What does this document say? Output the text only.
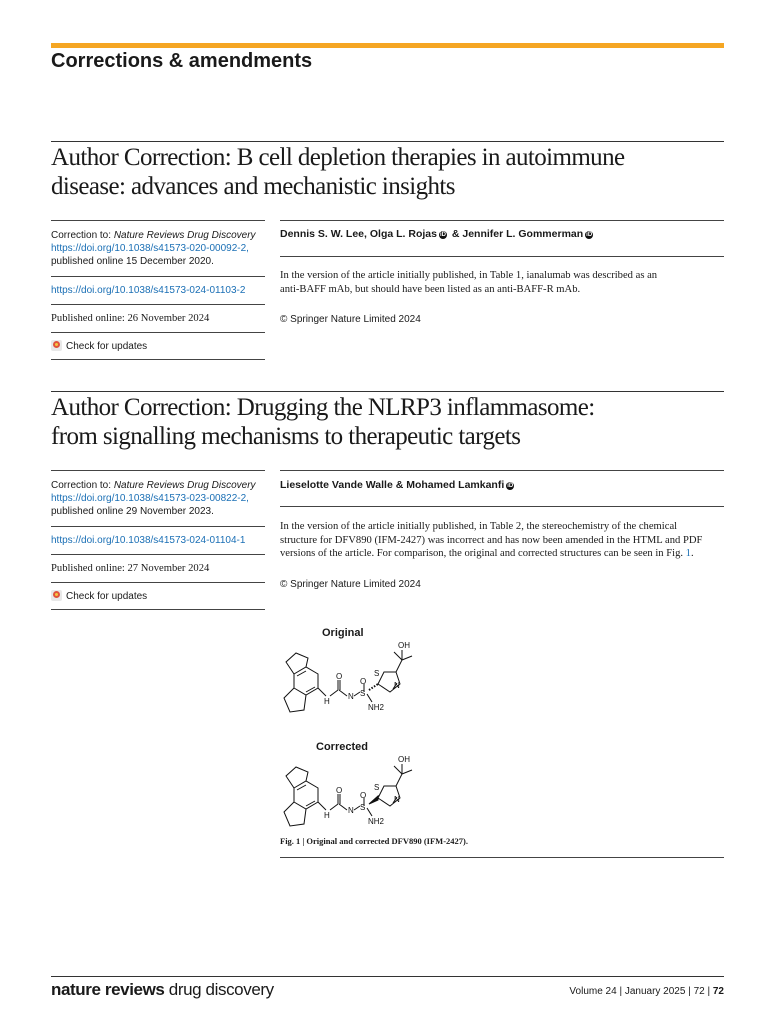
Corrections & amendments
Author Correction: B cell depletion therapies in autoimmune
disease: advances and mechanistic insights
Correction to: Nature Reviews Drug Discovery
https://doi.org/10.1038/s41573-020-00092-2,
published online 15 December 2020.
https://doi.org/10.1038/s41573-024-01103-2
Published online: 26 November 2024
Check for updates
Dennis S. W. Lee, Olga L. Rojas iD & Jennifer L. Gommerman iD
In the version of the article initially published, in Table 1, ianalumab was described as an
anti-BAFF mAb, but should have been listed as an anti-BAFF-R mAb.
© Springer Nature Limited 2024
Author Correction: Drugging the NLRP3 inflammasome:
from signalling mechanisms to therapeutic targets
Correction to: Nature Reviews Drug Discovery
https://doi.org/10.1038/s41573-023-00822-2,
published online 29 November 2023.
https://doi.org/10.1038/s41573-024-01104-1
Published online: 27 November 2024
Check for updates
Lieselotte Vande Walle & Mohamed Lamkanfi iD
In the version of the article initially published, in Table 2, the stereochemistry of the chemical
structure for DFV890 (IFM-2427) was incorrect and has now been amended in the HTML and PDF
versions of the article. For comparison, the original and corrected structures can be seen in Fig. 1.
© Springer Nature Limited 2024
Original
Corrected
OH
S
N
O
O
H
N S
NH2
OH
S
N
O
O
H
N S
NH2
Fig. 1 | Original and corrected DFV890 (IFM-2427).
nature reviews drug discovery	Volume 24 | January 2025 | 72 | 72
